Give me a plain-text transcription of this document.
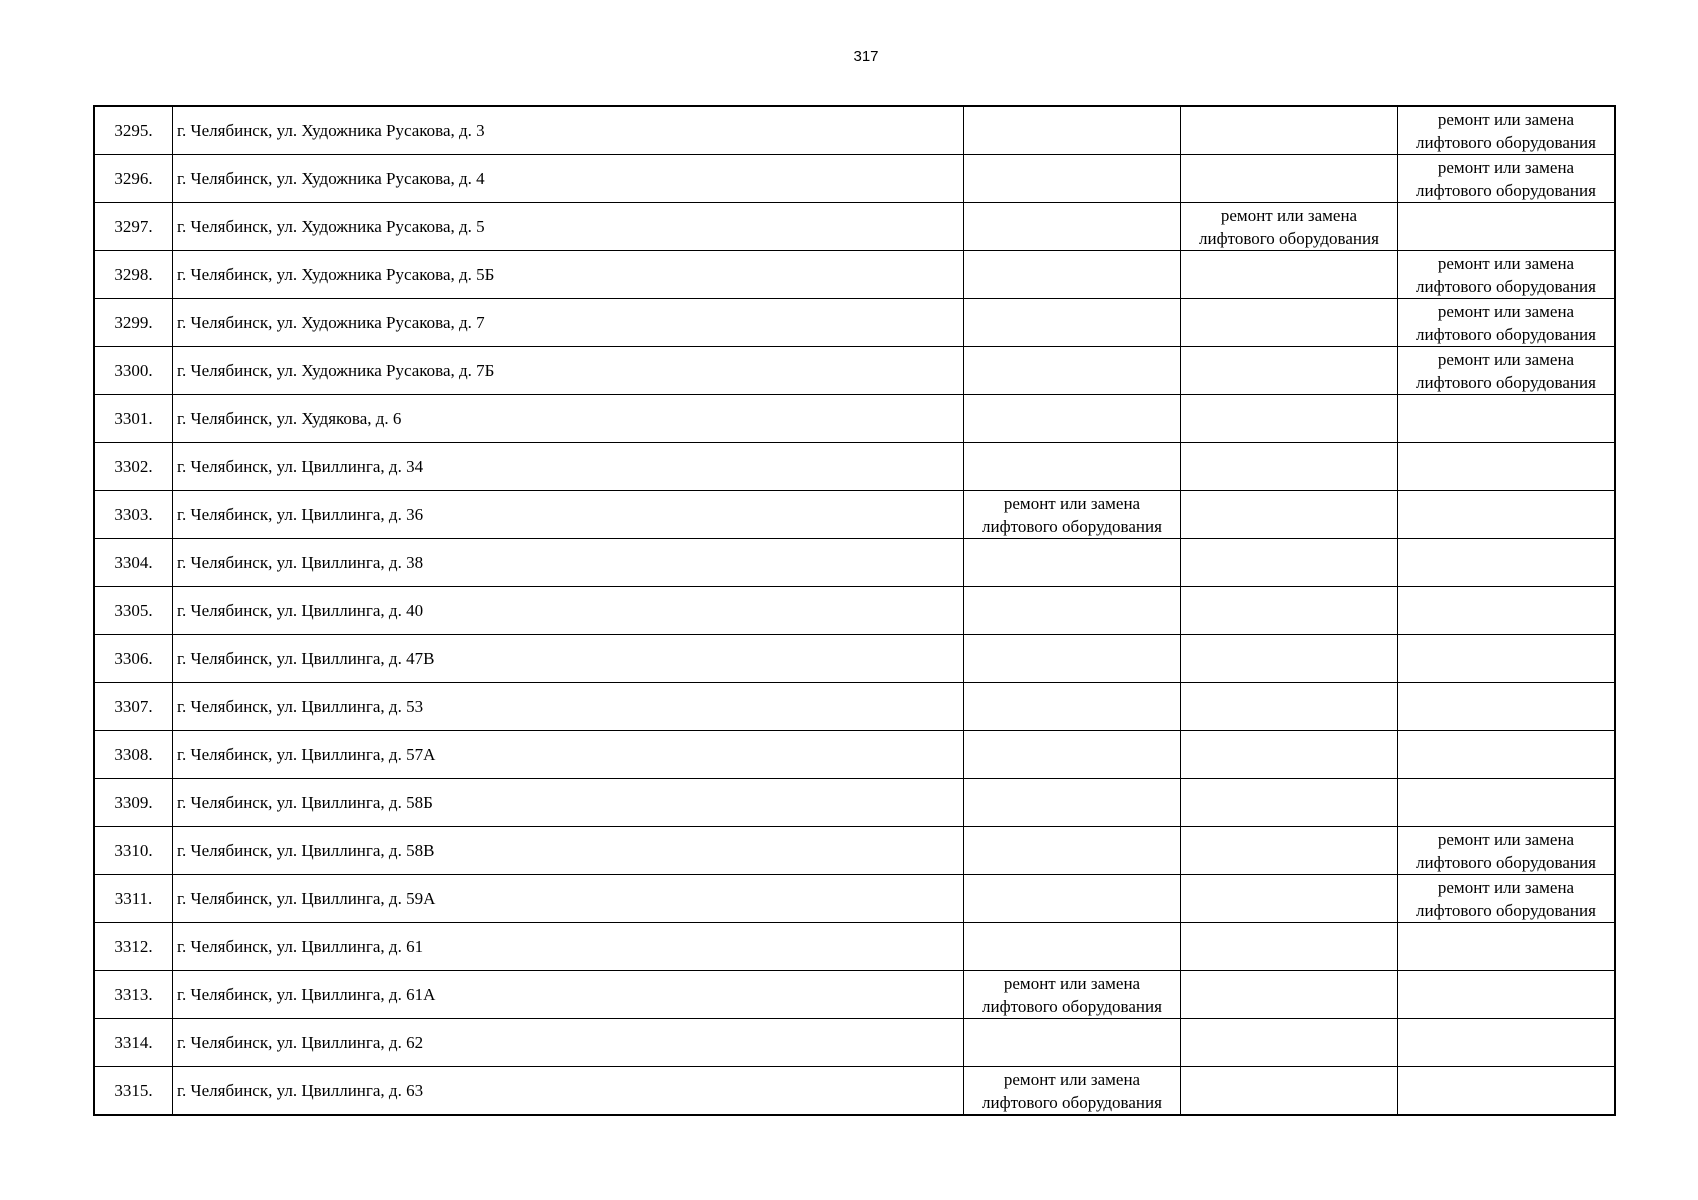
317
3295.	г. Челябинск, ул. Художника Русакова, д. 3			ремонт или замена лифтового оборудования

3296.	г. Челябинск, ул. Художника Русакова, д. 4			ремонт или замена лифтового оборудования

3297.	г. Челябинск, ул. Художника Русакова, д. 5		ремонт или замена лифтового оборудования	

3298.	г. Челябинск, ул. Художника Русакова, д. 5Б			ремонт или замена лифтового оборудования

3299.	г. Челябинск, ул. Художника Русакова, д. 7			ремонт или замена лифтового оборудования

3300.	г. Челябинск, ул. Художника Русакова, д. 7Б			ремонт или замена лифтового оборудования

3301.	г. Челябинск, ул. Худякова, д. 6	

3302.	г. Челябинск, ул. Цвиллинга, д. 34	

3303.	г. Челябинск, ул. Цвиллинга, д. 36	ремонт или замена лифтового оборудования		

3304.	г. Челябинск, ул. Цвиллинга, д. 38	

3305.	г. Челябинск, ул. Цвиллинга, д. 40	

3306.	г. Челябинск, ул. Цвиллинга, д. 47В	

3307.	г. Челябинск, ул. Цвиллинга, д. 53	

3308.	г. Челябинск, ул. Цвиллинга, д. 57А	

3309.	г. Челябинск, ул. Цвиллинга, д. 58Б	

3310.	г. Челябинск, ул. Цвиллинга, д. 58В			ремонт или замена лифтового оборудования

3311.	г. Челябинск, ул. Цвиллинга, д. 59А			ремонт или замена лифтового оборудования

3312.	г. Челябинск, ул. Цвиллинга, д. 61	

3313.	г. Челябинск, ул. Цвиллинга, д. 61А	ремонт или замена лифтового оборудования		

3314.	г. Челябинск, ул. Цвиллинга, д. 62	

3315.	г. Челябинск, ул. Цвиллинга, д. 63	ремонт или замена лифтового оборудования		
